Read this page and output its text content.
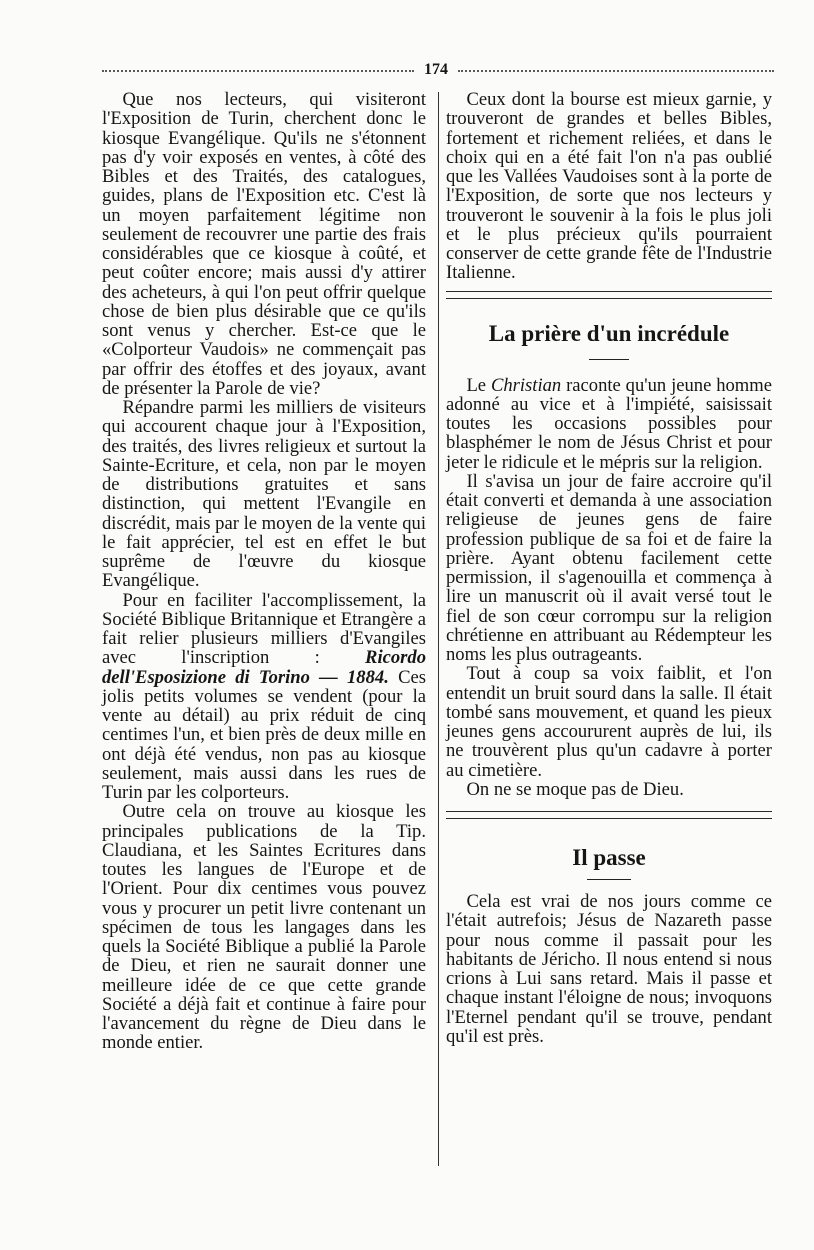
174

Que nos lecteurs, qui visiteront l'Exposition de Turin, cherchent donc le kiosque Evangélique. Qu'ils ne s'étonnent pas d'y voir exposés en ventes, à côté des Bibles et des Traités, des catalogues, guides, plans de l'Exposition etc. C'est là un moyen parfaitement légitime non seulement de recouvrer une partie des frais considérables que ce kiosque à coûté, et peut coûter encore; mais aussi d'y attirer des acheteurs, à qui l'on peut offrir quelque chose de bien plus désirable que ce qu'ils sont venus y chercher. Est-ce que le «Colporteur Vaudois» ne commençait pas par offrir des étoffes et des joyaux, avant de présenter la Parole de vie?

Répandre parmi les milliers de visiteurs qui accourent chaque jour à l'Exposition, des traités, des livres religieux et surtout la Sainte-Ecriture, et cela, non par le moyen de distributions gratuites et sans distinction, qui mettent l'Evangile en discrédit, mais par le moyen de la vente qui le fait apprécier, tel est en effet le but suprême de l'œuvre du kiosque Evangélique.

Pour en faciliter l'accomplissement, la Société Biblique Britannique et Etrangère a fait relier plusieurs milliers d'Evangiles avec l'inscription : Ricordo dell'Esposizione di Torino — 1884. Ces jolis petits volumes se vendent (pour la vente au détail) au prix réduit de cinq centimes l'un, et bien près de deux mille en ont déjà été vendus, non pas au kiosque seulement, mais aussi dans les rues de Turin par les colporteurs.

Outre cela on trouve au kiosque les principales publications de la Tip. Claudiana, et les Saintes Ecritures dans toutes les langues de l'Europe et de l'Orient. Pour dix centimes vous pouvez vous y procurer un petit livre contenant un spécimen de tous les langages dans les quels la Société Biblique a publié la Parole de Dieu, et rien ne saurait donner une meilleure idée de ce que cette grande Société a déjà fait et continue à faire pour l'avancement du règne de Dieu dans le monde entier.

Ceux dont la bourse est mieux garnie, y trouveront de grandes et belles Bibles, fortement et richement reliées, et dans le choix qui en a été fait l'on n'a pas oublié que les Vallées Vaudoises sont à la porte de l'Exposition, de sorte que nos lecteurs y trouveront le souvenir à la fois le plus joli et le plus précieux qu'ils pourraient conserver de cette grande fête de l'Industrie Italienne.

La prière d'un incrédule

Le Christian raconte qu'un jeune homme adonné au vice et à l'impiété, saisissait toutes les occasions possibles pour blasphémer le nom de Jésus Christ et pour jeter le ridicule et le mépris sur la religion.

Il s'avisa un jour de faire accroire qu'il était converti et demanda à une association religieuse de jeunes gens de faire profession publique de sa foi et de faire la prière. Ayant obtenu facilement cette permission, il s'agenouilla et commença à lire un manuscrit où il avait versé tout le fiel de son cœur corrompu sur la religion chrétienne en attribuant au Rédempteur les noms les plus outrageants.

Tout à coup sa voix faiblit, et l'on entendit un bruit sourd dans la salle. Il était tombé sans mouvement, et quand les pieux jeunes gens accoururent auprès de lui, ils ne trouvèrent plus qu'un cadavre à porter au cimetière.

On ne se moque pas de Dieu.

Il passe

Cela est vrai de nos jours comme ce l'était autrefois; Jésus de Nazareth passe pour nous comme il passait pour les habitants de Jéricho. Il nous entend si nous crions à Lui sans retard. Mais il passe et chaque instant l'éloigne de nous; invoquons l'Eternel pendant qu'il se trouve, pendant qu'il est près.
